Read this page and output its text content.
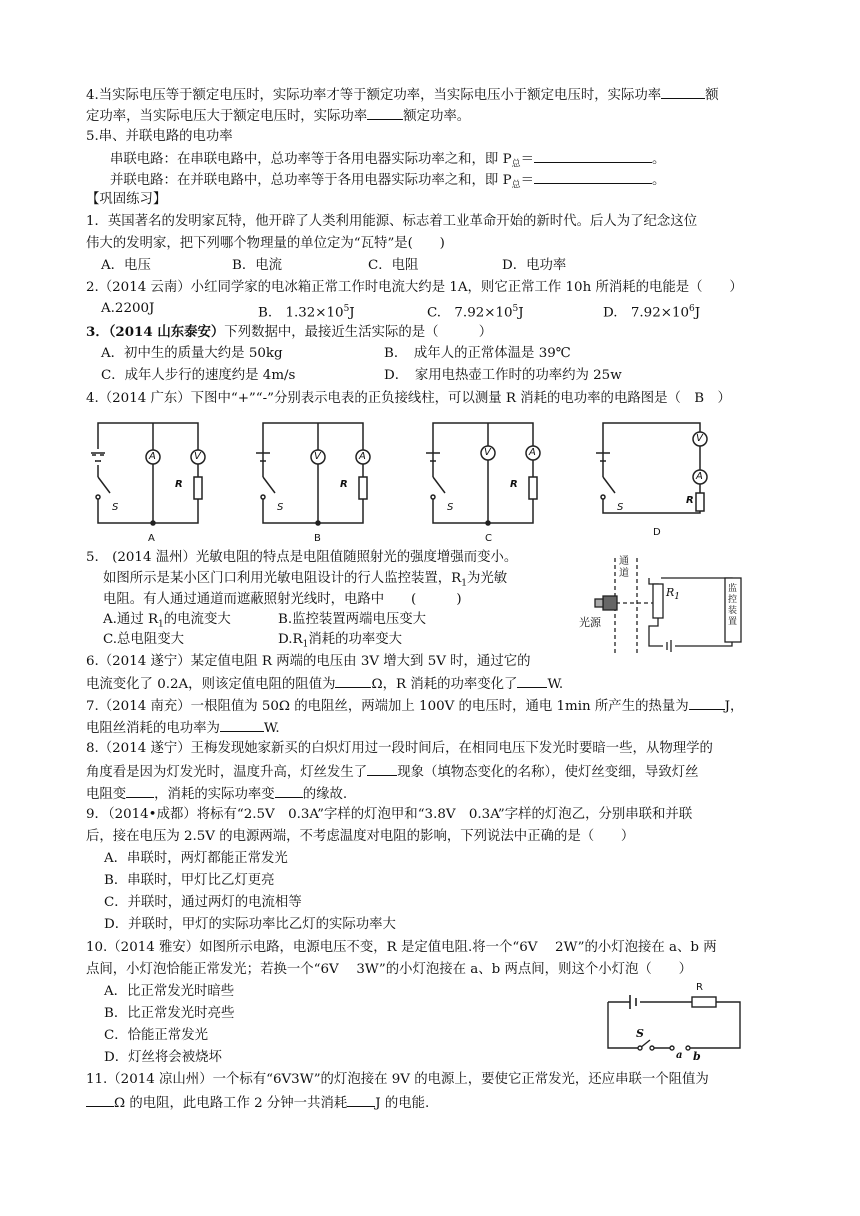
4.当实际电压等于额定电压时，实际功率才等于额定功率，当实际电压小于额定电压时，实际功率	额
定功率，当实际电压大于额定电压时，实际功率	额定功率。
5.串、并联电路的电功率
串联电路：在串联电路中，总功率等于各用电器实际功率之和，即 $P_总=$	。
并联电路：在并联电路中，总功率等于各用电器实际功率之和，即 $P_总=$	。
【巩固练习】
1．英国著名的发明家瓦特，他开辟了人类利用能源、标志着工业革命开始的新时代。后人为了纪念这位
伟大的发明家，把下列哪个物理量的单位定为“瓦特”是(　　)
A．电压	B．电流	C．电阻	D．电功率
2.（2014 云南）小红同学家的电冰箱正常工作时电流大约是 1A，则它正常工作 10h 所消耗的电能是（　　）
A.2200J	B.　$1.32\times 10^5J$	C.　$7.92\times 10^5J$	D.　$7.92\times 10^6J$
3．（2014 山东泰安）下列数据中，最接近生活实际的是（　　　）
A．初中生的质量大约是 50kg	B．　成年人的正常体温是 39℃
C．成年人步行的速度约是 4m/s	D．　家用电热壶工作时的功率约为 25w
4.（2014 广东）下图中“+”“-”分别表示电表的正负接线柱，可以测量 R 消耗的电功率的电路图是（　B　）
A	V
R
S
A
V	A
R
S
B
V	A
R
S
C
V
A
R
S
D
5.　(2014 温州）光敏电阻的特点是电阻值随照射光的强度增强而变小。
如图所示是某小区门口利用光敏电阻设计的行人监控装置，$R_1$为光敏
电阻。有人通过通道而遮蔽照射光线时，电路中　　(　　　)
A.通过 $R_1$的电流变大	B.监控装置两端电压变大
C.总电阻变大	$D.R_1$消耗的功率变大
通道
光源
$R_1$
监控装置
6.（2014 遂宁）某定值电阻 R 两端的电压由 3V 增大到 5V 时，通过它的
电流变化了 0.2A，则该定值电阻的阻值为	Ω，R 消耗的功率变化了 W.
7.（2014 南充）一根阻值为 50Ω 的电阻丝，两端加上 100V 的电压时，通电 1min 所产生的热量为	J，
电阻丝消耗的电功率为	W.
8.（2014 遂宁）王梅发现她家新买的白炽灯用过一段时间后，在相同电压下发光时要暗一些，从物理学的
角度看是因为灯发光时，温度升高，灯丝发生了 现象（填物态变化的名称），使灯丝变细，导致灯丝
电阻变 ，消耗的实际功率变 的缘故.
9．（2014•成都）将标有“2.5V　0.3A”字样的灯泡甲和“3.8V　0.3A”字样的灯泡乙，分别串联和并联
后，接在电压为 2.5V 的电源两端，不考虑温度对电阻的影响，下列说法中正确的是（　　）
A．串联时，两灯都能正常发光
B．串联时，甲灯比乙灯更亮
C．并联时，通过两灯的电流相等
D．并联时，甲灯的实际功率比乙灯的实际功率大
10.（2014 雅安）如图所示电路，电源电压不变，R 是定值电阻.将一个“6V　 2W”的小灯泡接在 a、b 两
点间，小灯泡恰能正常发光；若换一个“6V　 3W”的小灯泡接在 a、b 两点间，则这个小灯泡（　　）
A．比正常发光时暗些
B．比正常发光时亮些
C．恰能正常发光
D．灯丝将会被烧坏
R
S
a b
11.（2014 凉山州）一个标有“6V3W”的灯泡接在 9V 的电源上，要使它正常发光，还应串联一个阻值为
Ω 的电阻，此电路工作 2 分钟一共消耗 J 的电能.
